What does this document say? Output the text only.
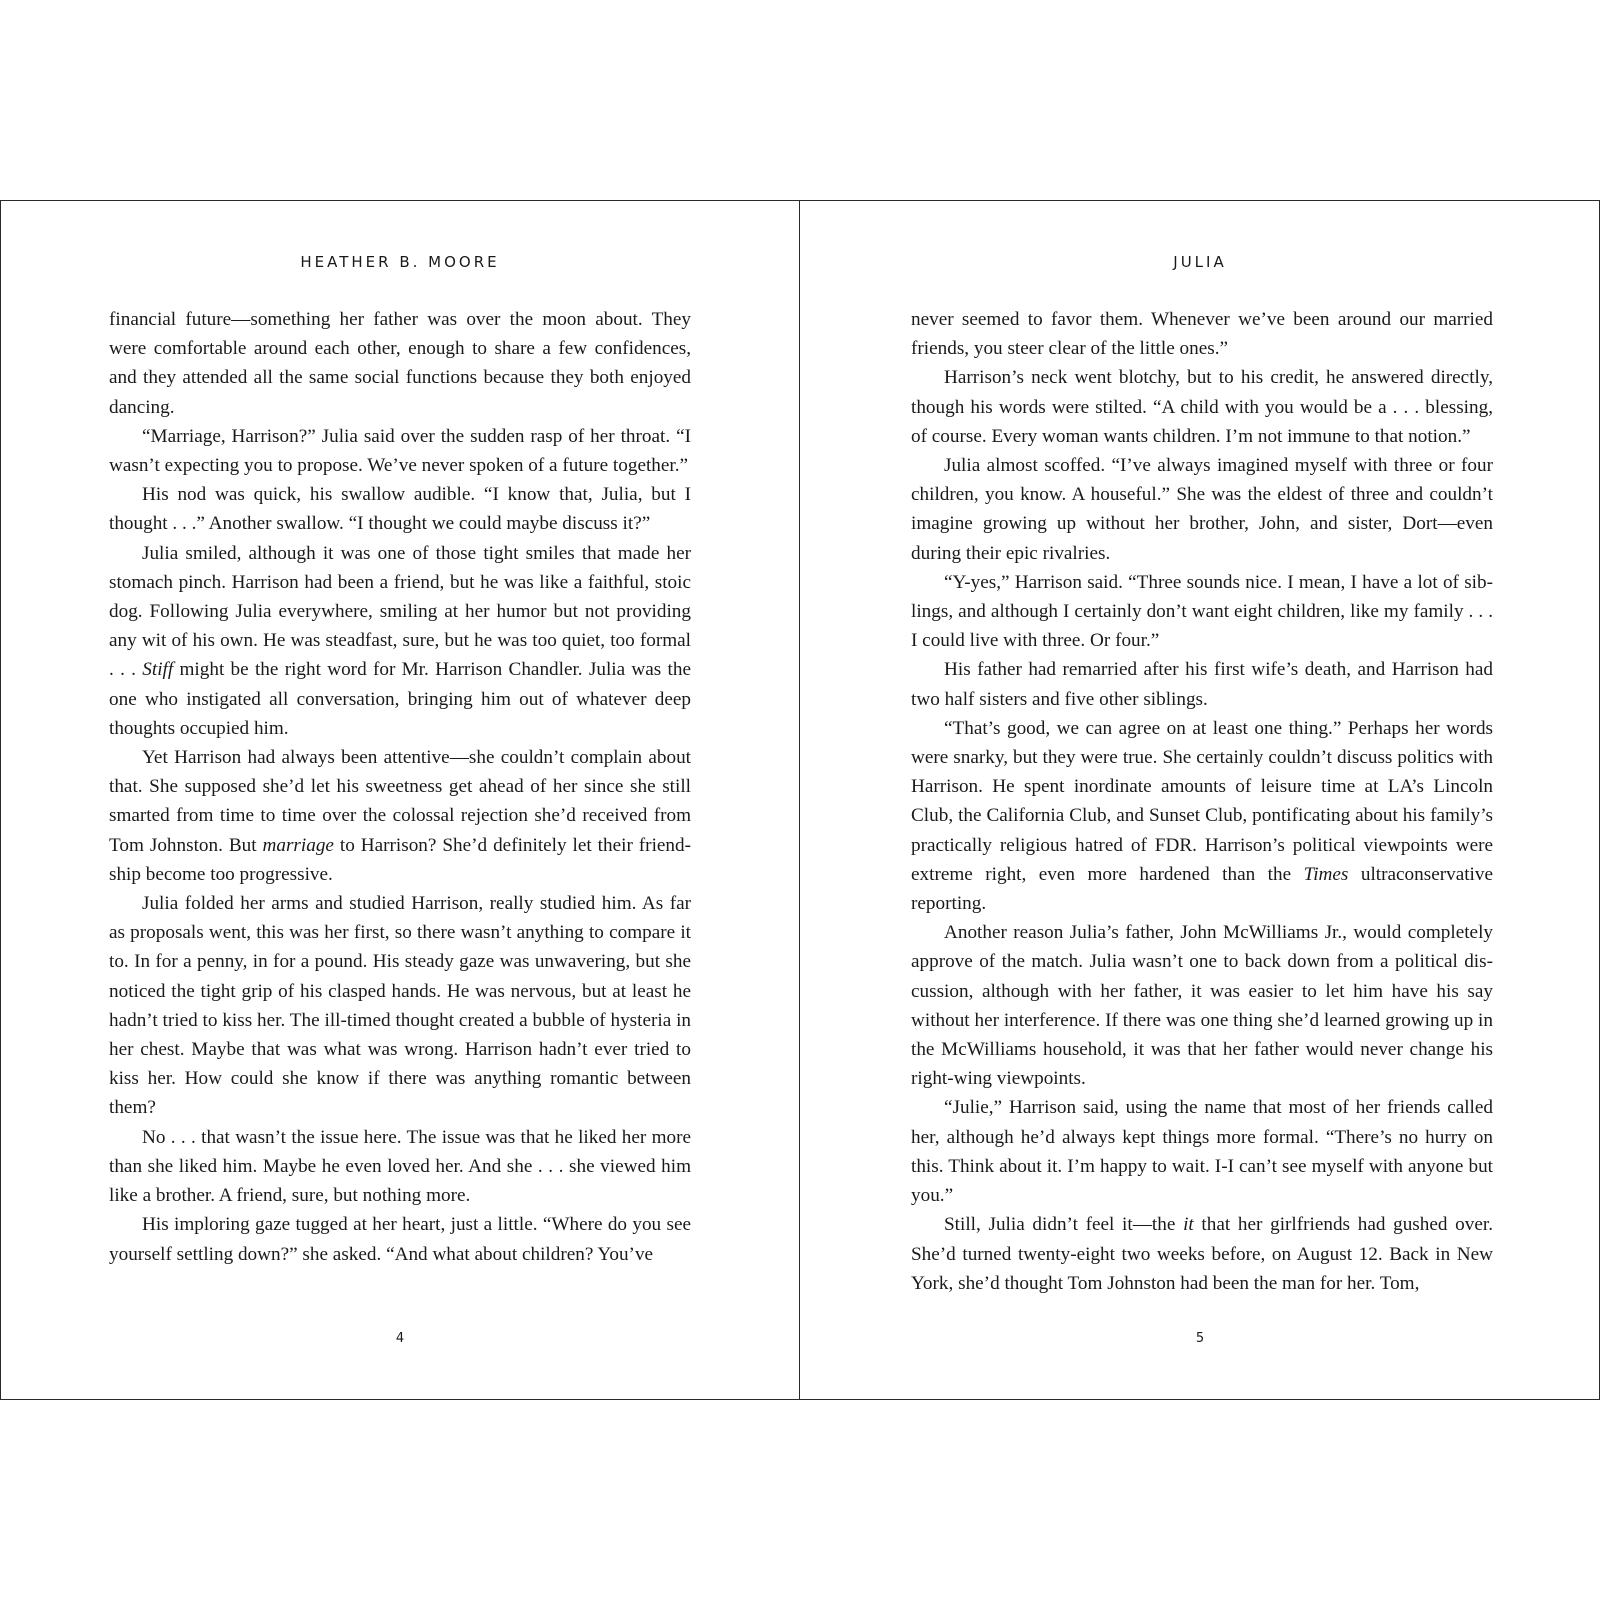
HEATHER B. MOORE

financial future—something her father was over the moon about. They were comfortable around each other, enough to share a few confidences, and they attended all the same social functions because they both enjoyed dancing.

“Marriage, Harrison?” Julia said over the sudden rasp of her throat. “I wasn’t expecting you to propose. We’ve never spoken of a future together.”

His nod was quick, his swallow audible. “I know that, Julia, but I thought . . .” Another swallow. “I thought we could maybe discuss it?”

Julia smiled, although it was one of those tight smiles that made her stomach pinch. Harrison had been a friend, but he was like a faithful, stoic dog. Following Julia everywhere, smiling at her humor but not providing any wit of his own. He was steadfast, sure, but he was too quiet, too formal . . . Stiff might be the right word for Mr. Harrison Chandler. Julia was the one who instigated all conversation, bringing him out of whatever deep thoughts occupied him.

Yet Harrison had always been attentive—she couldn’t complain about that. She supposed she’d let his sweetness get ahead of her since she still smarted from time to time over the colossal rejection she’d received from Tom Johnston. But marriage to Harrison? She’d definitely let their friendship become too progressive.

Julia folded her arms and studied Harrison, really studied him. As far as proposals went, this was her first, so there wasn’t anything to compare it to. In for a penny, in for a pound. His steady gaze was unwavering, but she noticed the tight grip of his clasped hands. He was nervous, but at least he hadn’t tried to kiss her. The ill-timed thought created a bubble of hysteria in her chest. Maybe that was what was wrong. Harrison hadn’t ever tried to kiss her. How could she know if there was anything romantic between them?

No . . . that wasn’t the issue here. The issue was that he liked her more than she liked him. Maybe he even loved her. And she . . . she viewed him like a brother. A friend, sure, but nothing more.

His imploring gaze tugged at her heart, just a little. “Where do you see yourself settling down?” she asked. “And what about children? You’ve

4
JULIA

never seemed to favor them. Whenever we’ve been around our married friends, you steer clear of the little ones.”

Harrison’s neck went blotchy, but to his credit, he answered directly, though his words were stilted. “A child with you would be a . . . blessing, of course. Every woman wants children. I’m not immune to that notion.”

Julia almost scoffed. “I’ve always imagined myself with three or four children, you know. A houseful.” She was the eldest of three and couldn’t imagine growing up without her brother, John, and sister, Dort—even during their epic rivalries.

“Y-yes,” Harrison said. “Three sounds nice. I mean, I have a lot of siblings, and although I certainly don’t want eight children, like my family . . . I could live with three. Or four.”

His father had remarried after his first wife’s death, and Harrison had two half sisters and five other siblings.

“That’s good, we can agree on at least one thing.” Perhaps her words were snarky, but they were true. She certainly couldn’t discuss politics with Harrison. He spent inordinate amounts of leisure time at LA’s Lincoln Club, the California Club, and Sunset Club, pontificating about his family’s practically religious hatred of FDR. Harrison’s political viewpoints were extreme right, even more hardened than the Times ultraconservative reporting.

Another reason Julia’s father, John McWilliams Jr., would completely approve of the match. Julia wasn’t one to back down from a political discussion, although with her father, it was easier to let him have his say without her interference. If there was one thing she’d learned growing up in the McWilliams household, it was that her father would never change his right-wing viewpoints.

“Julie,” Harrison said, using the name that most of her friends called her, although he’d always kept things more formal. “There’s no hurry on this. Think about it. I’m happy to wait. I-I can’t see myself with anyone but you.”

Still, Julia didn’t feel it—the it that her girlfriends had gushed over. She’d turned twenty-eight two weeks before, on August 12. Back in New York, she’d thought Tom Johnston had been the man for her. Tom,

5
